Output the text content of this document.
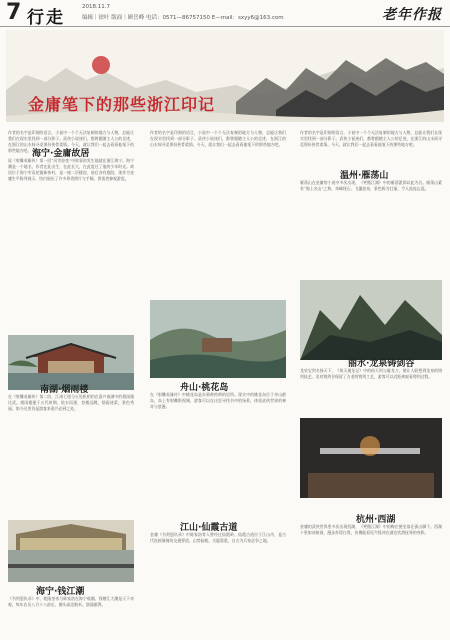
7 行走
2018.11.7
编辑｜徐叶 版面｜顾岳峰 电话：0571—86757150 E—mail：sxyy6@163.com	老年作报
金庸笔下的那些浙江印记
作者的名字是印刻的语言，小说中一个个无法复制的地方与人物，总能让我们在现实里找到一部分影子。武侠小说迷们，都曾跟随主人公的足迹，在浙江的山水间寻觅那份侠骨柔情。今天，就让我们一起去看看他笔下的那些地方吧。 海宁·金庸故居
说《射雕英雄传》第一回“风雪惊变”中故事的发生地就在浙江海宁。海宁潮是一个地名，作者在此出生，在此长大，在此度过了他的少年时光。故居位于海宁市袁花镇新伟村，是一座二层楼房，前后各有庭院，现作为金庸生平陈列展示，馆内展出了许多珍贵照片与手稿，供读者参观游览。
南湖·烟雨楼
在《射雕英雄传》第二回，江南七怪与丘处机相约在嘉兴南湖中的烟雨楼比武。烟雨楼建于五代时期，依水而建，登楼远眺，烟雨迷蒙，景色秀丽。如今这里仍是游客来嘉兴必到之处。
海宁·钱江潮
《书剑恩仇录》中，乾隆皇帝与陈家洛在海宁观潮。钱塘江大潮是天下奇观，每年农历八月十八前后，潮头高达数米，汹涌澎湃。
作者的名字是印刻的语言，小说中一个个无法复制的地方与人物，总能让我们在现实里找到一部分影子。武侠小说迷们，都曾跟随主人公的足迹，在浙江的山水间寻觅那份侠骨柔情。今天，就让我们一起去看看他笔下的那些地方吧。
舟山·桃花岛
在《射雕英雄传》中桃花岛是东邪黄药师的居所。现实中的桃花岛位于舟山群岛，岛上有射雕影视城，游客可以在这里寻找书中的场景，体验武侠世界的神奇与浪漫。
江山·仙霞古道
金庸《书剑恩仇录》中陈家洛等人曾经过仙霞岭。仙霞古道位于江山市，是古代连接浙闽的交通要道，山势险峻，关隘重重，自古为兵家必争之地。
作者的名字是印刻的语言，小说中一个个无法复制的地方与人物，总能让我们在现实里找到一部分影子。武侠小说迷们，都曾跟随主人公的足迹，在浙江的山水间寻觅那份侠骨柔情。今天，就让我们一起去看看他笔下的那些地方吧。
温州·雁荡山
雁荡山在金庸的小说中多次出现，《笑傲江湖》中的雁荡派即以此为名。雁荡山素有“海上名山”之称，奇峰怪石、飞瀑流泉，景色极为壮丽，令人流连忘返。
丽水·龙泉铸剑谷
龙泉宝剑名扬天下，《倚天屠龙记》中的倚天剑与屠龙刀，便让人联想到龙泉的铸剑技艺。龙泉铸剑谷保留了古老的铸剑工艺，游客可以近距离观看铸剑过程。
杭州·西湖
金庸的武侠世界里多次出现西湖，《笑傲江湖》中的梅庄便坐落在孤山脚下。西湖十景如诗如画，漫步苏堤白堤，仿佛能看见令狐冲在湖边饮酒抚琴的身影。
